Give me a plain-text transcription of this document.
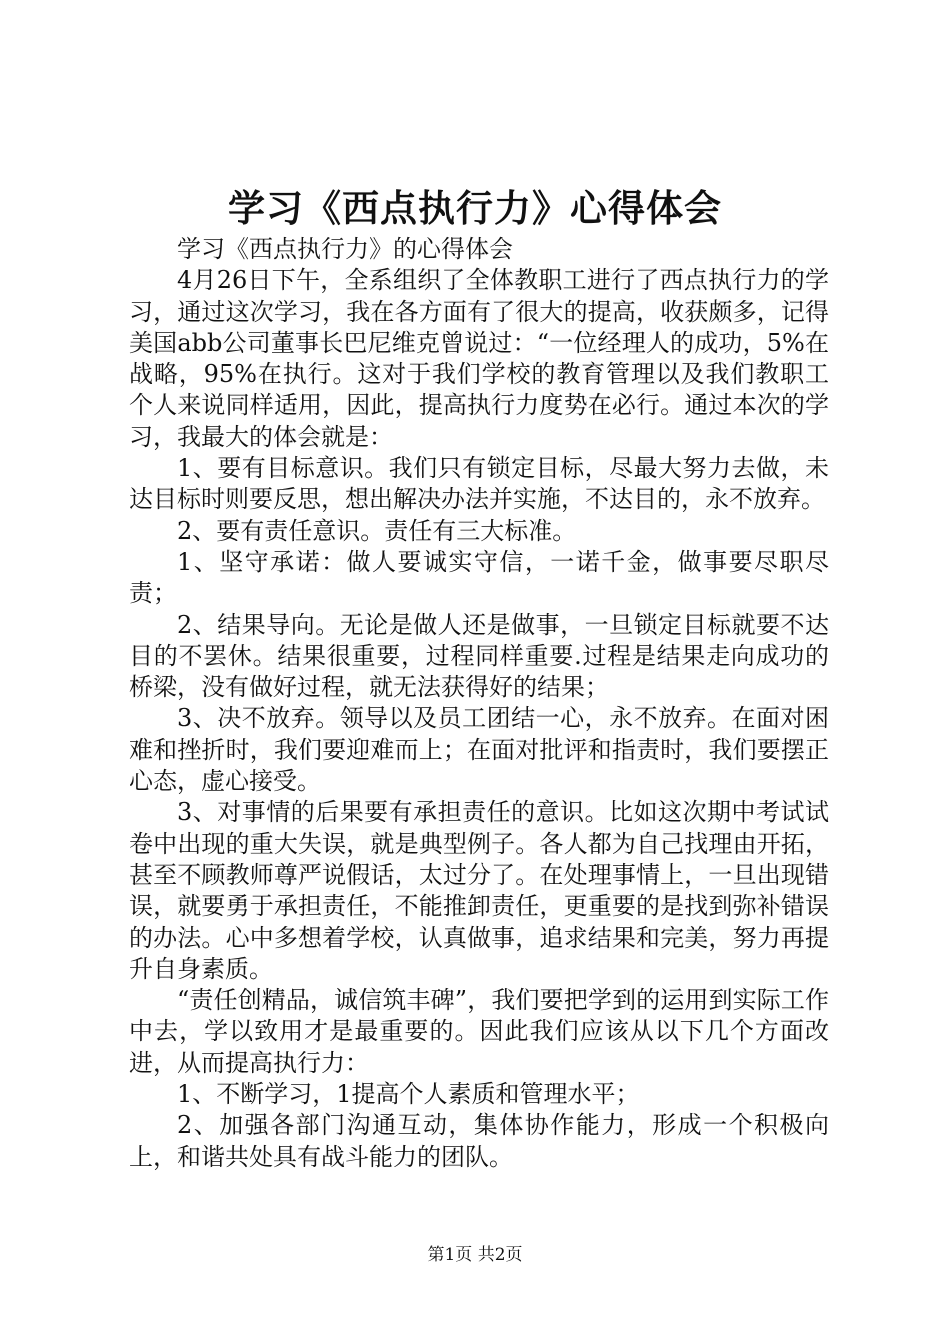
学习《西点执行力》心得体会

学习《西点执行力》的心得体会

4月26日下午，全系组织了全体教职工进行了西点执行力的学习，通过这次学习，我在各方面有了很大的提高，收获颇多，记得美国abb公司董事长巴尼维克曾说过：“一位经理人的成功，5%在战略，95%在执行。这对于我们学校的教育管理以及我们教职工个人来说同样适用，因此，提高执行力度势在必行。通过本次的学习，我最大的体会就是：

1、要有目标意识。我们只有锁定目标，尽最大努力去做，未达目标时则要反思，想出解决办法并实施，不达目的，永不放弃。

2、要有责任意识。责任有三大标准。

1、坚守承诺：做人要诚实守信，一诺千金，做事要尽职尽责；

2、结果导向。无论是做人还是做事，一旦锁定目标就要不达目的不罢休。结果很重要，过程同样重要.过程是结果走向成功的桥梁，没有做好过程，就无法获得好的结果；

3、决不放弃。领导以及员工团结一心，永不放弃。在面对困难和挫折时，我们要迎难而上；在面对批评和指责时，我们要摆正心态，虚心接受。

3、对事情的后果要有承担责任的意识。比如这次期中考试试卷中出现的重大失误，就是典型例子。各人都为自己找理由开拓，甚至不顾教师尊严说假话，太过分了。在处理事情上，一旦出现错误，就要勇于承担责任，不能推卸责任，更重要的是找到弥补错误的办法。心中多想着学校，认真做事，追求结果和完美，努力再提升自身素质。

“责任创精品，诚信筑丰碑”，我们要把学到的运用到实际工作中去，学以致用才是最重要的。因此我们应该从以下几个方面改进，从而提高执行力：

1、不断学习，1提高个人素质和管理水平；

2、加强各部门沟通互动，集体协作能力，形成一个积极向上，和谐共处具有战斗能力的团队。

第1页 共2页
